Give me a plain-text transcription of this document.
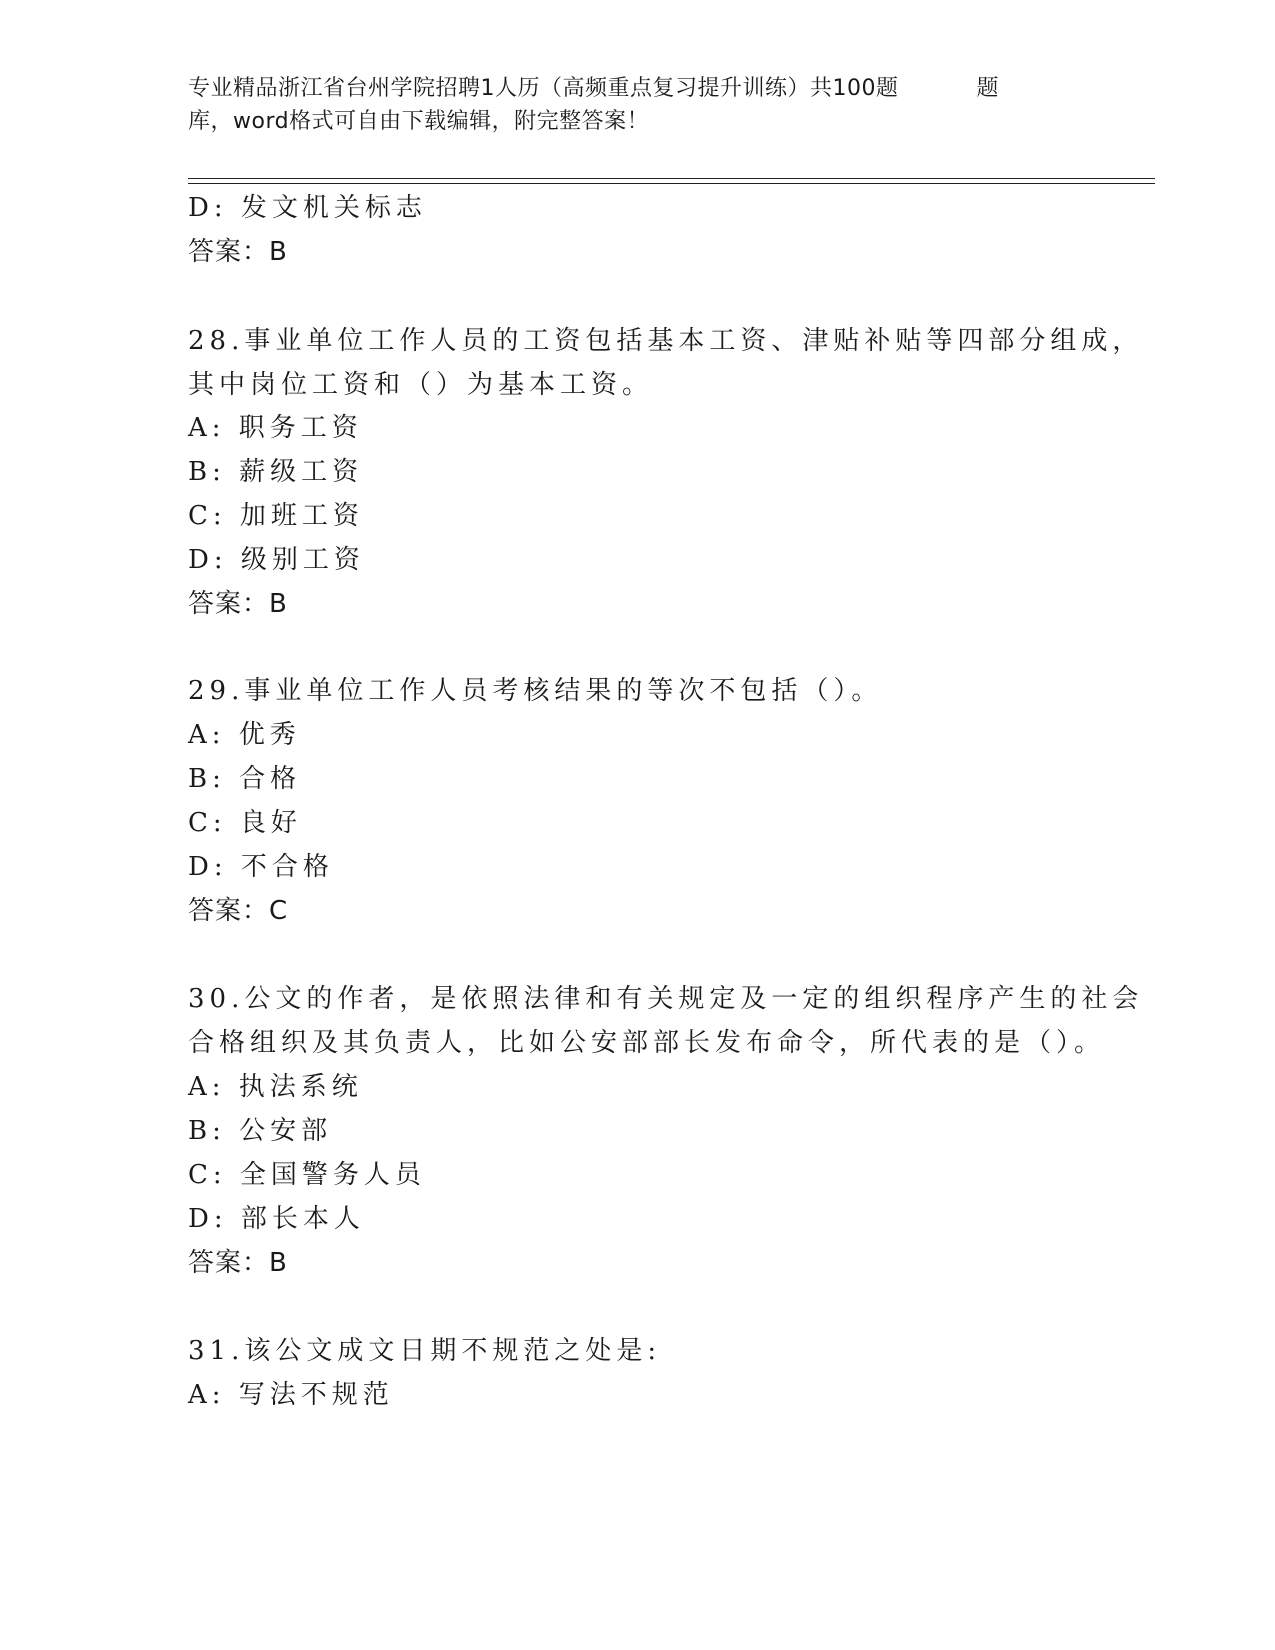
专业精品浙江省台州学院招聘1人历（高频重点复习提升训练）共100题	题
库，word格式可自由下载编辑，附完整答案！
D: 发文机关标志
答案：B
28.事业单位工作人员的工资包括基本工资、津贴补贴等四部分组成，
其中岗位工资和（）为基本工资。
A: 职务工资
B: 薪级工资
C: 加班工资
D: 级别工资
答案：B
29.事业单位工作人员考核结果的等次不包括（）。
A: 优秀
B: 合格
C: 良好
D: 不合格
答案：C
30.公文的作者，是依照法律和有关规定及一定的组织程序产生的社会
合格组织及其负责人，比如公安部部长发布命令，所代表的是（）。
A: 执法系统
B: 公安部
C: 全国警务人员
D: 部长本人
答案：B
31.该公文成文日期不规范之处是:
A: 写法不规范
